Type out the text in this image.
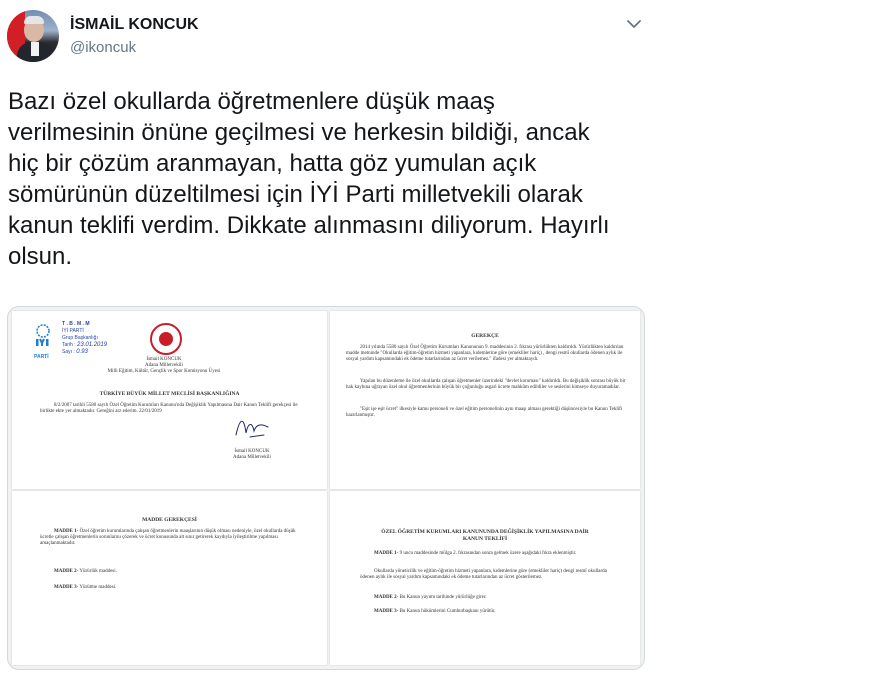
İSMAİL KONCUK
@ikoncuk
Bazı özel okullarda öğretmenlere düşük maaş
verilmesinin önüne geçilmesi ve herkesin bildiği, ancak
hiç bir çözüm aranmayan, hatta göz yumulan açık
sömürünün düzeltilmesi için İYİ Parti milletvekili olarak
kanun teklifi verdim. Dikkate alınmasını diliyorum. Hayırlı
olsun.
PARTİ
T . B . M . M
İYİ PARTİ
Grup Başkanlığı
Tarih : 23.01.2019
Sayı : 0.93
İsmail KONCUK
Adana Milletvekili
Milli Eğitim, Kültür, Gençlik ve Spor Komisyonu Üyesi
TÜRKİYE BÜYÜK MİLLET MECLİSİ BAŞKANLIĞINA
8/2/2007 tarihli 5580 sayılı Özel Öğretim Kurumları Kanunu'nda Değişiklik Yapılmasına Dair Kanun Teklifi gerekçesi ile birlikte ekte yer almaktadır. Gereğini arz ederim. 22/01/2019
İsmail KONCUK
Adana Milletvekili
GEREKÇE
2014 yılında 5580 sayılı Özel Öğretim Kurumları Kanununun 9. maddesinin 2. fıkrası yürürlükten kaldırıldı. Yürürlükten kaldırılan madde metninde "Okullarda eğitim-öğretim hizmeti yapanlara, kıdemlerine göre (emekliler hariç) , dengi resmî okullarda ödenen aylık ile sosyal yardım kapsamındaki ek ödeme tutarlarından az ücret verilemez." ifadesi yer almaktaydı.
Yapılan bu düzenleme ile özel okullarda çalışan öğretmenler üzerindeki "devlet koruması" kaldırıldı. Bu değişiklik sonrası büyük bir hak kaybına uğrayan özel okul öğretmenlerinin büyük bir çoğunluğu asgari ücrete mahkûm edildiler ve seslerini kimseye duyuramadılar.
"Eşit işe eşit ücret" ilkesiyle kamu personeli ve özel eğitim personelinin aynı maaşı alması gerektiği düşüncesiyle bu Kanun Teklifi hazırlanmıştır.
MADDE GEREKÇESİ
MADDE 1- Özel öğretim kurumlarında çalışan öğretmenlerin maaşlarının düşük olması nedeniyle, özel okullarda düşük ücretle çalışan öğretmenlerin sorunlarını çözerek ve ücret konusunda alt sınır getirerek kaydıyla iyileştirilme yapılması amaçlanmaktadır.
MADDE 2- Yürürlük maddesi.
MADDE 3- Yürütme maddesi.
ÖZEL ÖĞRETİM KURUMLARI KANUNUNDA DEĞİŞİKLİK YAPILMASINA DAİR
KANUN TEKLİFİ
MADDE 1- 9 uncu maddesinde mülga 2. fıkrasından sonra gelmek üzere aşağıdaki fıkra eklenmiştir.
Okullarda yöneticilik ve eğitim-öğretim hizmeti yapanlara, kıdemlerine göre (emekliler hariç) dengi resmî okullarda ödenen aylık ile sosyal yardım kapsamındaki ek ödeme tutarlarından az ücret gösterilemez.
MADDE 2- Bu Kanun yayımı tarihinde yürürlüğe girer.
MADDE 3- Bu Kanun hükümlerini Cumhurbaşkanı yürütür.
